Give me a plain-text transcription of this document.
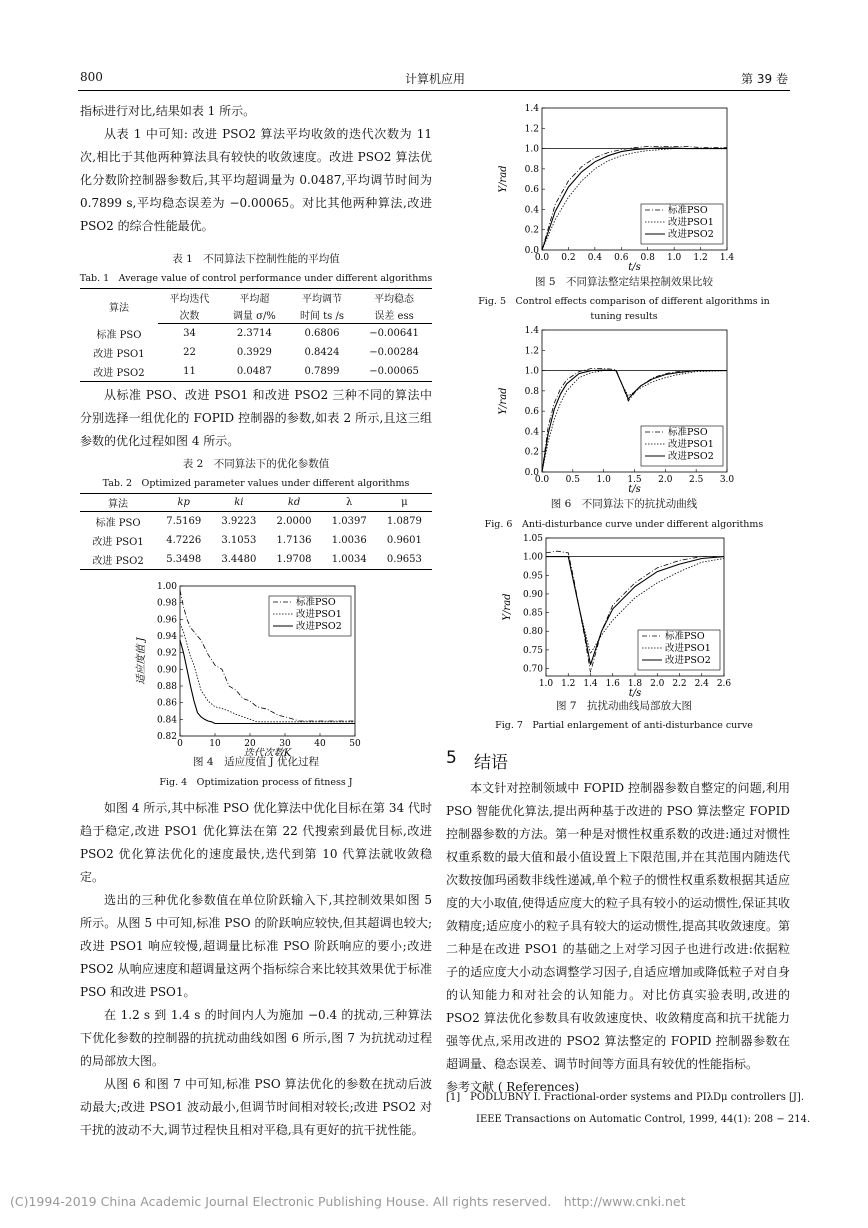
800	计算机应用	第 39 卷

指标进行对比,结果如表 1 所示。

从表 1 中可知: 改进 PSO2 算法平均收敛的迭代次数为 11 次,相比于其他两种算法具有较快的收敛速度。改进 PSO2 算法优化分数阶控制器参数后,其平均超调量为 0.0487,平均调节时间为 0.7899 s,平均稳态误差为 −0.00065。对比其他两种算法,改进 PSO2 的综合性能最优。

表 1　不同算法下控制性能的平均值
Tab. 1　Average value of control performance under different algorithms
算法	平均迭代	平均超	平均调节	平均稳态
	次数	调量 σ/%	时间 ts /s	误差 ess
标准 PSO	34	2.3714	0.6806	−0.00641
改进 PSO1	22	0.3929	0.8424	−0.00284
改进 PSO2	11	0.0487	0.7899	−0.00065

从标准 PSO、改进 PSO1 和改进 PSO2 三种不同的算法中分别选择一组优化的 FOPID 控制器的参数,如表 2 所示,且这三组参数的优化过程如图 4 所示。

表 2　不同算法下的优化参数值
Tab. 2　Optimized parameter values under different algorithms
算法	kp	ki	kd	λ	μ
标准 PSO	7.5169	3.9223	2.0000	1.0397	1.0879
改进 PSO1	4.7226	3.1053	1.7136	1.0036	0.9601
改进 PSO2	5.3498	3.4480	1.9708	1.0034	0.9653
0	10	20	30	40	50
0.82
0.84
0.86
0.88
0.90
0.92
0.94
0.96
0.98
1.00
迭代次数K
适应度值 J
标准PSO
改进PSO1
改进PSO2
图 4　适应度值 J 优化过程
Fig. 4　Optimization process of fitness J

如图 4 所示,其中标准 PSO 优化算法中优化目标在第 34 代时趋于稳定,改进 PSO1 优化算法在第 22 代搜索到最优目标,改进 PSO2 优化算法优化的速度最快,迭代到第 10 代算法就收敛稳定。

选出的三种优化参数值在单位阶跃输入下,其控制效果如图 5 所示。从图 5 中可知,标准 PSO 的阶跃响应较快,但其超调也较大;改进 PSO1 响应较慢,超调量比标准 PSO 阶跃响应的要小;改进 PSO2 从响应速度和超调量这两个指标综合来比较其效果优于标准 PSO 和改进 PSO1。

在 1.2 s 到 1.4 s 的时间内人为施加 −0.4 的扰动,三种算法下优化参数的控制器的抗扰动曲线如图 6 所示,图 7 为抗扰动过程的局部放大图。

从图 6 和图 7 中可知,标准 PSO 算法优化的参数在扰动后波动最大;改进 PSO1 波动最小,但调节时间相对较长;改进 PSO2 对干扰的波动不大,调节过程快且相对平稳,具有更好的抗干扰性能。

0.0 0.2 0.4 0.6 0.8 1.0 1.2 1.4
0.0
0.2
0.4
0.6
0.8
1.0
1.2
1.4
t/s
Y/rad
标准PSO
改进PSO1
改进PSO2
图 5　不同算法整定结果控制效果比较
Fig. 5　Control effects comparison of different algorithms in
tuning results
0.0 0.5 1.0 1.5 2.0 2.5 3.0
0.0
0.2
0.4
0.6
0.8
1.0
1.2
1.4
t/s
Y/rad
标准PSO
改进PSO1
改进PSO2
图 6　不同算法下的抗扰动曲线
Fig. 6　Anti-disturbance curve under different algorithms
1.0 1.2 1.4 1.6 1.8 2.0 2.2 2.4 2.6
0.70
0.75
0.80
0.85
0.90
0.95
1.00
1.05
t/s
Y/rad
标准PSO
改进PSO1
改进PSO2
图 7　抗扰动曲线局部放大图
Fig. 7　Partial enlargement of anti-disturbance curve
5 结语

本文针对控制领域中 FOPID 控制器参数自整定的问题,利用 PSO 智能优化算法,提出两种基于改进的 PSO 算法整定 FOPID 控制器参数的方法。第一种是对惯性权重系数的改进:通过对惯性权重系数的最大值和最小值设置上下限范围,并在其范围内随迭代次数按伽玛函数非线性递减,单个粒子的惯性权重系数根据其适应度的大小取值,使得适应度大的粒子具有较小的运动惯性,保证其收敛精度;适应度小的粒子具有较大的运动惯性,提高其收敛速度。第二种是在改进 PSO1 的基础之上对学习因子也进行改进:依据粒子的适应度大小动态调整学习因子,自适应增加或降低粒子对自身的认知能力和对社会的认知能力。对比仿真实验表明,改进的 PSO2 算法优化参数具有收敛速度快、收敛精度高和抗干扰能力强等优点,采用改进的 PSO2 算法整定的 FOPID 控制器参数在超调量、稳态误差、调节时间等方面具有较优的性能指标。

参考文献 ( References)

[1]　PODLUBNY I. Fractional-order systems and PIλDμ controllers [J].
IEEE Transactions on Automatic Control, 1999, 44(1): 208 − 214.
(C)1994-2019 China Academic Journal Electronic Publishing House. All rights reserved.　http://www.cnki.net
